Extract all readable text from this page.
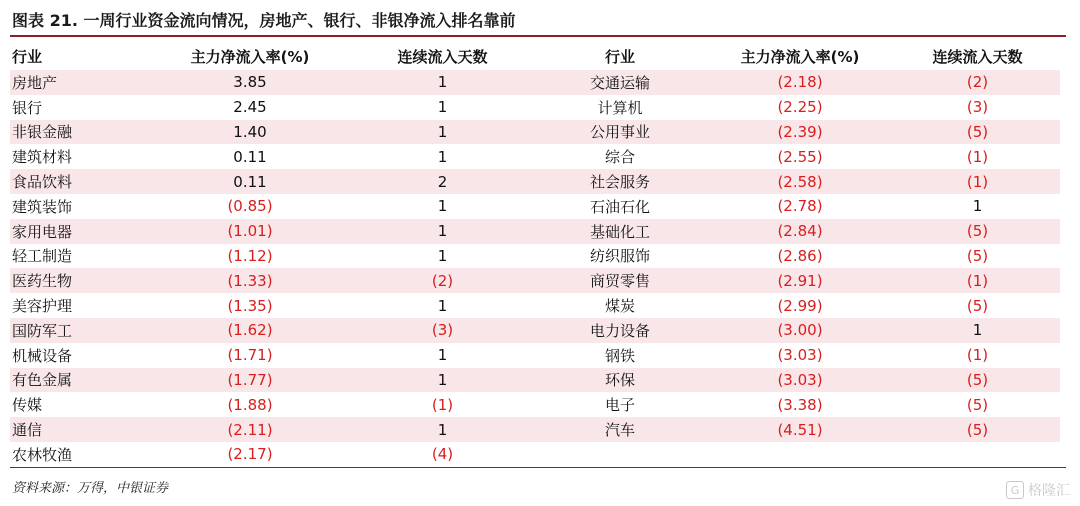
图表 21. 一周行业资金流向情况，房地产、银行、非银净流入排名靠前
行业	主力净流入率(%)	连续流入天数	行业	主力净流入率(%)	连续流入天数
房地产	3.85	1	交通运输	(2.18)	(2)
银行	2.45	1	计算机	(2.25)	(3)
非银金融	1.40	1	公用事业	(2.39)	(5)
建筑材料	0.11	1	综合	(2.55)	(1)
食品饮料	0.11	2	社会服务	(2.58)	(1)
建筑装饰	(0.85)	1	石油石化	(2.78)	1
家用电器	(1.01)	1	基础化工	(2.84)	(5)
轻工制造	(1.12)	1	纺织服饰	(2.86)	(5)
医药生物	(1.33)	(2)	商贸零售	(2.91)	(1)
美容护理	(1.35)	1	煤炭	(2.99)	(5)
国防军工	(1.62)	(3)	电力设备	(3.00)	1
机械设备	(1.71)	1	钢铁	(3.03)	(1)
有色金属	(1.77)	1	环保	(3.03)	(5)
传媒	(1.88)	(1)	电子	(3.38)	(5)
通信	(2.11)	1	汽车	(4.51)	(5)
农林牧渔	(2.17)	(4)			
资料来源：万得，中银证券	G 格隆汇
